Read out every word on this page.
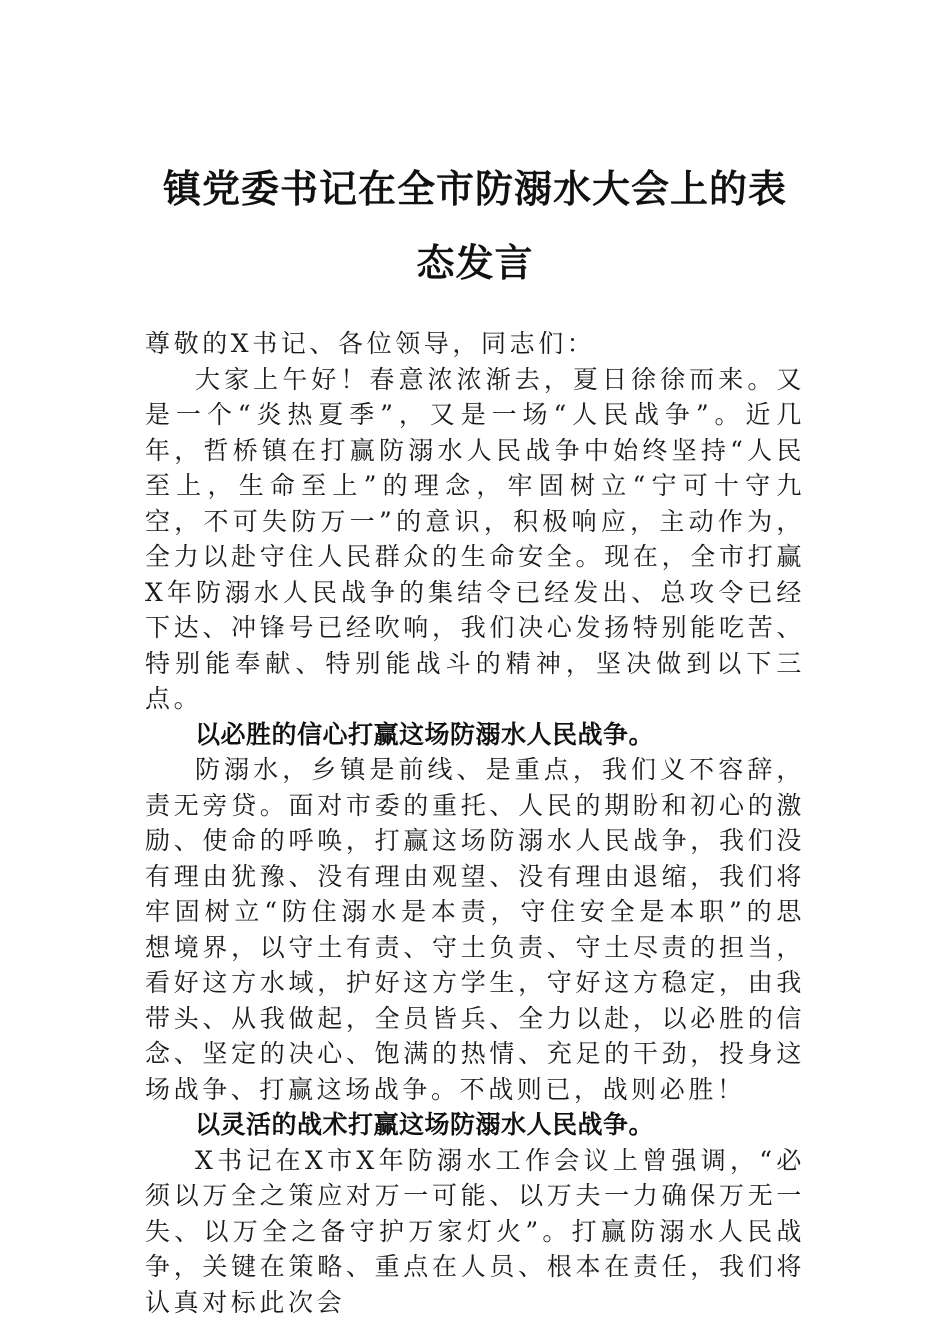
镇党委书记在全市防溺水大会上的表态发言

尊敬的X书记、各位领导，同志们：

大家上午好！春意浓浓渐去，夏日徐徐而来。又是一个“炎热夏季”，又是一场“人民战争”。近几年，哲桥镇在打赢防溺水人民战争中始终坚持“人民至上，生命至上”的理念，牢固树立“宁可十守九空，不可失防万一”的意识，积极响应，主动作为，全力以赴守住人民群众的生命安全。现在，全市打赢X年防溺水人民战争的集结令已经发出、总攻令已经下达、冲锋号已经吹响，我们决心发扬特别能吃苦、特别能奉献、特别能战斗的精神，坚决做到以下三点。

以必胜的信心打赢这场防溺水人民战争。

防溺水，乡镇是前线、是重点，我们义不容辞，责无旁贷。面对市委的重托、人民的期盼和初心的激励、使命的呼唤，打赢这场防溺水人民战争，我们没有理由犹豫、没有理由观望、没有理由退缩，我们将牢固树立“防住溺水是本责，守住安全是本职”的思想境界，以守土有责、守土负责、守土尽责的担当，看好这方水域，护好这方学生，守好这方稳定，由我带头、从我做起，全员皆兵、全力以赴，以必胜的信念、坚定的决心、饱满的热情、充足的干劲，投身这场战争、打赢这场战争。不战则已，战则必胜！

以灵活的战术打赢这场防溺水人民战争。

X书记在X市X年防溺水工作会议上曾强调，“必须以万全之策应对万一可能、以万夫一力确保万无一失、以万全之备守护万家灯火”。打赢防溺水人民战争，关键在策略、重点在人员、根本在责任，我们将认真对标此次会
